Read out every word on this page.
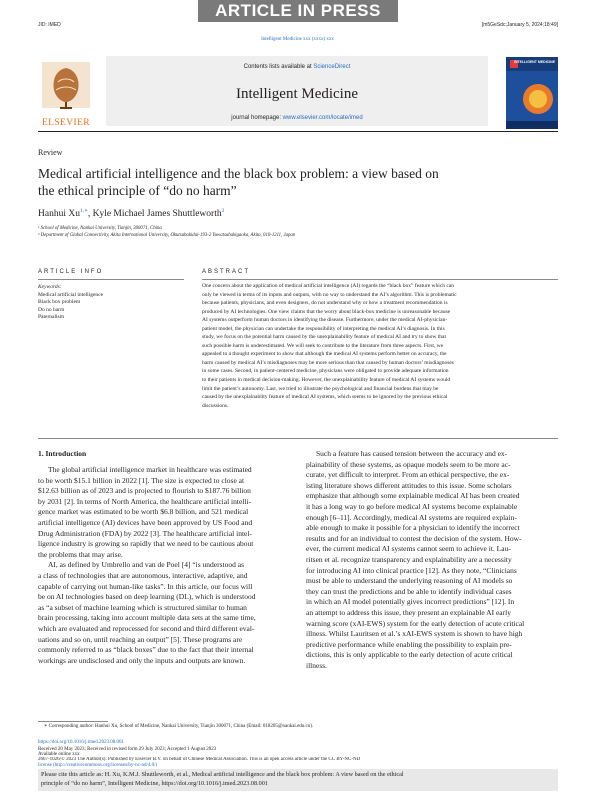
ARTICLE IN PRESS
JID: IMED	[m5GeSdc;January 5, 2024;18:49]
Intelligent Medicine xxx (xxxx) xxx
ELSEVIER
Contents lists available at ScienceDirect
Intelligent Medicine
journal homepage: www.elsevier.com/locate/imed
INTELLIGENT MEDICINE
Review
Medical artificial intelligence and the black box problem: a view based on
the ethical principle of “do no harm”
Hanhui $Xu^{1,∗}$, Kyle Michael James Shuttleworth$^2$
¹ School of Medicine, Nankai University, Tianjin, 300071, China
² Department of Global Connectivity, Akita International University, Okutsubakidai-193-2 Yuwatsubakigaoka, Akita, 010-1211, Japan
ARTICLE INFO	ABSTRACT
Keywords:
Medical artificial intelligence
Black box problem
Do no harm
Paternalism
One concern about the application of medical artificial intelligence (AI) regards the “black box” feature which can
only be viewed in terms of its inputs and outputs, with no way to understand the AI’s algorithm. This is problematic
because patients, physicians, and even designers, do not understand why or how a treatment recommendation is
produced by AI technologies. One view claims that the worry about black-box medicine is unreasonable because
AI systems outperform human doctors in identifying the disease. Furthermore, under the medical AI-physician-
patient model, the physician can undertake the responsibility of interpreting the medical AI’s diagnosis. In this
study, we focus on the potential harm caused by the unexplainability feature of medical AI and try to show that
such possible harm is underestimated. We will seek to contribute to the literature from three aspects. First, we
appealed to a thought experiment to show that although the medical AI systems perform better on accuracy, the
harm caused by medical AI’s misdiagnoses may be more serious than that caused by human doctors’ misdiagnoses
in some cases. Second, in patient-centered medicine, physicians were obligated to provide adequate information
to their patients in medical decision-making. However, the unexplainability feature of medical AI systems would
limit the patient’s autonomy. Last, we tried to illustrate the psychological and financial burdens that may be
caused by the unexplainablity feature of medical AI systems, which seems to be ignored by the previous ethical
discussions.
1. Introduction
The global artificial intelligence market in healthcare was estimated
to be worth $15.1 billion in 2022 [1]. The size is expected to close at
$12.63 billion as of 2023 and is projected to flourish to $187.76 billion
by 2031 [2]. In terms of North America, the healthcare artificial intelli-
gence market was estimated to be worth $6.8 billion, and 521 medical
artificial intelligence (AI) devices have been approved by US Food and
Drug Administration (FDA) by 2022 [3]. The healthcare artificial intel-
ligence industry is growing so rapidly that we need to be cautious about
the problems that may arise.
AI, as defined by Umbrello and van de Poel [4] “is understood as
a class of technologies that are autonomous, interactive, adaptive, and
capable of carrying out human-like tasks”. In this article, our focus will
be on AI technologies based on deep learning (DL), which is understood
as “a subset of machine learning which is structured similar to human
brain processing, taking into account multiple data sets at the same time,
which are evaluated and reprocessed for second and third different eval-
uations and so on, until reaching an output” [5]. These programs are
commonly referred to as “black boxes” due to the fact that their internal
workings are undisclosed and only the inputs and outputs are known.
Such a feature has caused tension between the accuracy and ex-
plainability of these systems, as opaque models seem to be more ac-
curate, yet difficult to interpret. From an ethical perspective, the ex-
isting literature shows different attitudes to this issue. Some scholars
emphasize that although some explainable medical AI has been created
it has a long way to go before medical AI systems become explainable
enough [6–11]. Accordingly, medical AI systems are required explain-
able enough to make it possible for a physician to identify the incorrect
results and for an individual to contest the decision of the system. How-
ever, the current medical AI systems cannot seem to achieve it. Lau-
ritsen et al. recognize transparency and explainability are a necessity
for introducing AI into clinical practice [12]. As they note, “Clinicians
must be able to understand the underlying reasoning of AI models so
they can trust the predictions and be able to identify individual cases
in which an AI model potentially gives incorrect predictions” [12]. In
an attempt to address this issue, they present an explainable AI early
warning score (xAI-EWS) system for the early detection of acute critical
illness. Whilst Lauritsen et al.’s xAI-EWS system is shown to have high
predictive performance while enabling the possibility to explain pre-
dictions, this is only applicable to the early detection of acute critical
illness.
∗ Corresponding author: Hanhui Xu, School of Medicine, Nankai University, Tianjin 300071, China (Email: 018205@nankai.edu.cn).
https://doi.org/10.1016/j.imed.2023.08.001
Received 20 May 2023; Received in revised form 29 July 2023; Accepted 1 August 2023
Available online xxx
2667-1026/© 2023 The Author(s). Published by Elsevier B.V. on behalf of Chinese Medical Association. This is an open access article under the CC BY-NC-ND
license (http://creativecommons.org/licenses/by-nc-nd/4.0/)
Please cite this article as: H. Xu, K.M.J. Shuttleworth, et al., Medical artificial intelligence and the black box problem: A view based on the ethical
principle of “do no harm”, Intelligent Medicine, https://doi.org/10.1016/j.imed.2023.08.001
